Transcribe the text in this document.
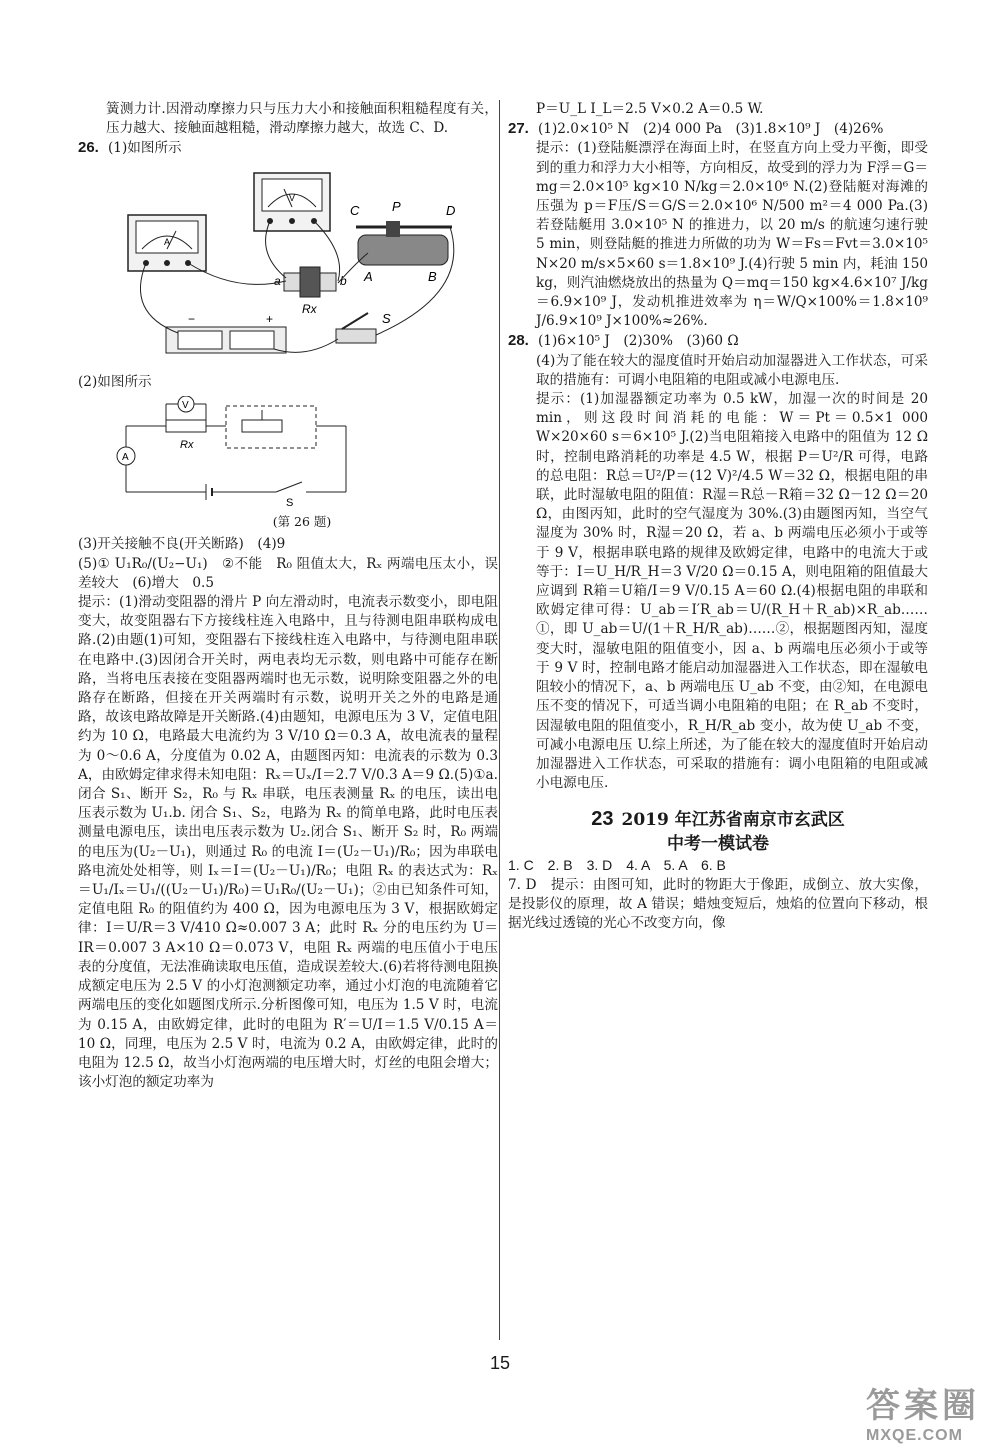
簧测力计.因滑动摩擦力只与压力大小和接触面积粗糙程度有关，压力越大、接触面越粗糙，滑动摩擦力越大，故选 C、D.
26. (1)如图所示
A
V
a	b
Rx
C	P	D
A	B
−	+	S
(2)如图所示
V
Rx
A
S
(第 26 题)
(3)开关接触不良(开关断路)　(4)9
(5)① U₁R₀/(U₂−U₁)　②不能　R₀ 阻值太大，Rₓ 两端电压太小，误差较大　(6)增大　0.5
提示：(1)滑动变阻器的滑片 P 向左滑动时，电流表示数变小，即电阻变大，故变阻器右下方接线柱连入电路中，且与待测电阻串联构成电路.(2)由题(1)可知，变阻器右下接线柱连入电路中，与待测电阻串联在电路中.(3)因闭合开关时，两电表均无示数，则电路中可能存在断路，当将电压表接在变阻器两端时也无示数，说明除变阻器之外的电路存在断路，但接在开关两端时有示数，说明开关之外的电路是通路，故该电路故障是开关断路.(4)由题知，电源电压为 3 V，定值电阻约为 10 Ω，电路最大电流约为 3 V/10 Ω＝0.3 A，故电流表的量程为 0～0.6 A，分度值为 0.02 A，由题图丙知：电流表的示数为 0.3 A，由欧姆定律求得未知电阻：Rₓ＝Uₓ/I＝2.7 V/0.3 A＝9 Ω.(5)①a. 闭合 S₁、断开 S₂，R₀ 与 Rₓ 串联，电压表测量 Rₓ 的电压，读出电压表示数为 U₁.b. 闭合 S₁、S₂，电路为 Rₓ 的简单电路，此时电压表测量电源电压，读出电压表示数为 U₂.闭合 S₁、断开 S₂ 时，R₀ 两端的电压为(U₂－U₁)，则通过 R₀ 的电流 I＝(U₂－U₁)/R₀；因为串联电路电流处处相等，则 Iₓ＝I＝(U₂－U₁)/R₀；电阻 Rₓ 的表达式为：Rₓ＝U₁/Iₓ＝U₁/((U₂－U₁)/R₀)＝U₁R₀/(U₂－U₁)；②由已知条件可知，定值电阻 R₀ 的阻值约为 400 Ω，因为电源电压为 3 V，根据欧姆定律：I＝U/R＝3 V/410 Ω≈0.007 3 A；此时 Rₓ 分的电压约为 U＝IR＝0.007 3 A×10 Ω＝0.073 V，电阻 Rₓ 两端的电压值小于电压表的分度值，无法准确读取电压值，造成误差较大.(6)若将待测电阻换成额定电压为 2.5 V 的小灯泡测额定功率，通过小灯泡的电流随着它两端电压的变化如题图戊所示.分析图像可知，电压为 1.5 V 时，电流为 0.15 A，由欧姆定律，此时的电阻为 R′＝U/I＝1.5 V/0.15 A＝10 Ω，同理，电压为 2.5 V 时，电流为 0.2 A，由欧姆定律，此时的电阻为 12.5 Ω，故当小灯泡两端的电压增大时，灯丝的电阻会增大；该小灯泡的额定功率为
P＝U_L I_L＝2.5 V×0.2 A＝0.5 W.
27. (1)2.0×10⁵ N　(2)4 000 Pa　(3)1.8×10⁹ J　(4)26%
提示：(1)登陆艇漂浮在海面上时，在竖直方向上受力平衡，即受到的重力和浮力大小相等，方向相反，故受到的浮力为 F浮＝G＝mg＝2.0×10⁵ kg×10 N/kg＝2.0×10⁶ N.(2)登陆艇对海滩的压强为 p＝F压/S＝G/S＝2.0×10⁶ N/500 m²＝4 000 Pa.(3)若登陆艇用 3.0×10⁵ N 的推进力，以 20 m/s 的航速匀速行驶 5 min，则登陆艇的推进力所做的功为 W＝Fs＝Fvt＝3.0×10⁵ N×20 m/s×5×60 s＝1.8×10⁹ J.(4)行驶 5 min 内，耗油 150 kg，则汽油燃烧放出的热量为 Q＝mq＝150 kg×4.6×10⁷ J/kg＝6.9×10⁹ J，发动机推进效率为 η＝W/Q×100%＝1.8×10⁹ J/6.9×10⁹ J×100%≈26%.
28. (1)6×10⁵ J　(2)30%　(3)60 Ω
(4)为了能在较大的湿度值时开始启动加湿器进入工作状态，可采取的措施有：可调小电阻箱的电阻或减小电源电压.
提示：(1)加湿器额定功率为 0.5 kW，加湿一次的时间是 20 min，则这段时间消耗的电能：W＝Pt＝0.5×1 000 W×20×60 s＝6×10⁵ J.(2)当电阻箱接入电路中的阻值为 12 Ω 时，控制电路消耗的功率是 4.5 W，根据 P＝U²/R 可得，电路的总电阻：R总＝U²/P＝(12 V)²/4.5 W＝32 Ω，根据电阻的串联，此时湿敏电阻的阻值：R湿＝R总－R箱＝32 Ω－12 Ω＝20 Ω，由图丙知，此时的空气湿度为 30%.(3)由题图丙知，当空气湿度为 30% 时，R湿＝20 Ω，若 a、b 两端电压必须小于或等于 9 V，根据串联电路的规律及欧姆定律，电路中的电流大于或等于：I＝U_H/R_H＝3 V/20 Ω＝0.15 A，则电阻箱的阻值最大应调到 R箱＝U箱/I＝9 V/0.15 A＝60 Ω.(4)根据电阻的串联和欧姆定律可得：U_ab＝I′R_ab＝U/(R_H＋R_ab)×R_ab……①，即 U_ab＝U/(1＋R_H/R_ab)……②，根据题图丙知，湿度变大时，湿敏电阻的阻值变小，因 a、b 两端电压必须小于或等于 9 V 时，控制电路才能启动加湿器进入工作状态，即在湿敏电阻较小的情况下，a、b 两端电压 U_ab 不变，由②知，在电源电压不变的情况下，可适当调小电阻箱的电阻；在 R_ab 不变时，因湿敏电阻的阻值变小，R_H/R_ab 变小，故为使 U_ab 不变，可减小电源电压 U.综上所述，为了能在较大的湿度值时开始启动加湿器进入工作状态，可采取的措施有：调小电阻箱的电阻或减小电源电压.
23 2019 年江苏省南京市玄武区
中考一模试卷
1. C　2. B　3. D　4. A　5. A　6. B
7. D　提示：由图可知，此时的物距大于像距，成倒立、放大实像，是投影仪的原理，故 A 错误；蜡烛变短后，烛焰的位置向下移动，根据光线过透镜的光心不改变方向，像
15
答案圈
MXQE.COM
